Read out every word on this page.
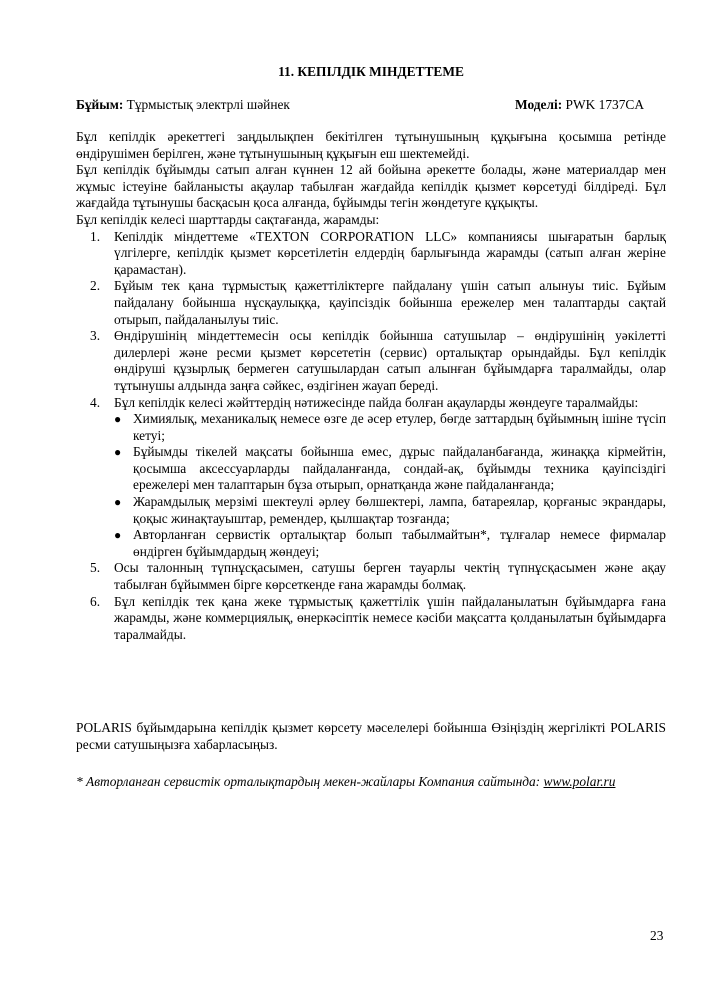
11. КЕПІЛДІК МІНДЕТТЕМЕ
Бұйым: Тұрмыстық электрлі шәйнек	Моделі: PWK 1737CA

Бұл кепілдік әрекеттегі заңдылықпен бекітілген тұтынушының құқығына қосымша ретінде өндірушімен берілген, және тұтынушының құқығын еш шектемейді.

Бұл кепілдік бұйымды сатып алған күннен 12 ай бойына әрекетте болады, және материалдар мен жұмыс істеуіне байланысты ақаулар табылған жағдайда кепілдік қызмет көрсетуді білдіреді. Бұл жағдайда тұтынушы басқасын қоса алғанда, бұйымды тегін жөндетуге құқықты.

Бұл кепілдік келесі шарттарды сақтағанда, жарамды:

1. Кепілдік міндеттеме «TEXTON CORPORATION LLC» компаниясы шығаратын барлық үлгілерге, кепілдік қызмет көрсетілетін елдердің барлығында жарамды (сатып алған жеріне қарамастан).
2. Бұйым тек қана тұрмыстық қажеттіліктерге пайдалану үшін сатып алынуы тиіс. Бұйым пайдалану бойынша нұсқаулыққа, қауіпсіздік бойынша ережелер мен талаптарды сақтай отырып, пайдаланылуы тиіс.
3. Өндірушінің міндеттемесін осы кепілдік бойынша сатушылар – өндірушінің уәкілетті дилерлері және ресми қызмет көрсететін (сервис) орталықтар орындайды. Бұл кепілдік өндіруші құзырлық бермеген сатушылардан сатып алынған бұйымдарға таралмайды, олар тұтынушы алдында заңға сәйкес, өздігінен жауап береді.
4. Бұл кепілдік келесі жәйттердің нәтижесінде пайда болған ақауларды жөндеуге таралмайды:
● Химиялық, механикалық немесе өзге де әсер етулер, бөгде заттардың бұйымның ішіне түсіп кетуі;
● Бұйымды тікелей мақсаты бойынша емес, дұрыс пайдаланбағанда, жинаққа кірмейтін, қосымша аксессуарларды пайдаланғанда, сондай-ақ, бұйымды техника қауіпсіздігі ережелері мен талаптарын бұза отырып, орнатқанда және пайдаланғанда;
● Жарамдылық мерзімі шектеулі әрлеу бөлшектері, лампа, батареялар, қорғаныс экрандары, қоқыс жинақтауыштар, ремендер, қылшақтар тозғанда;
● Авторланған сервистік орталықтар болып табылмайтын*, тұлғалар немесе фирмалар өндірген бұйымдардың жөндеуі;
5. Осы талонның түпнұсқасымен, сатушы берген тауарлы чектің түпнұсқасымен және ақау табылған бұйыммен бірге көрсеткенде ғана жарамды болмақ.
6. Бұл кепілдік тек қана жеке тұрмыстық қажеттілік үшін пайдаланылатын бұйымдарға ғана жарамды, және коммерциялық, өнеркәсіптік немесе кәсіби мақсатта қолданылатын бұйымдарға таралмайды.

POLARIS бұйымдарына кепілдік қызмет көрсету мәселелері бойынша Өзіңіздің жергілікті POLARIS ресми сатушыңызға хабарласыңыз.

* Авторланған сервистік орталықтардың мекен-жайлары Компания сайтында: www.polar.ru

23
